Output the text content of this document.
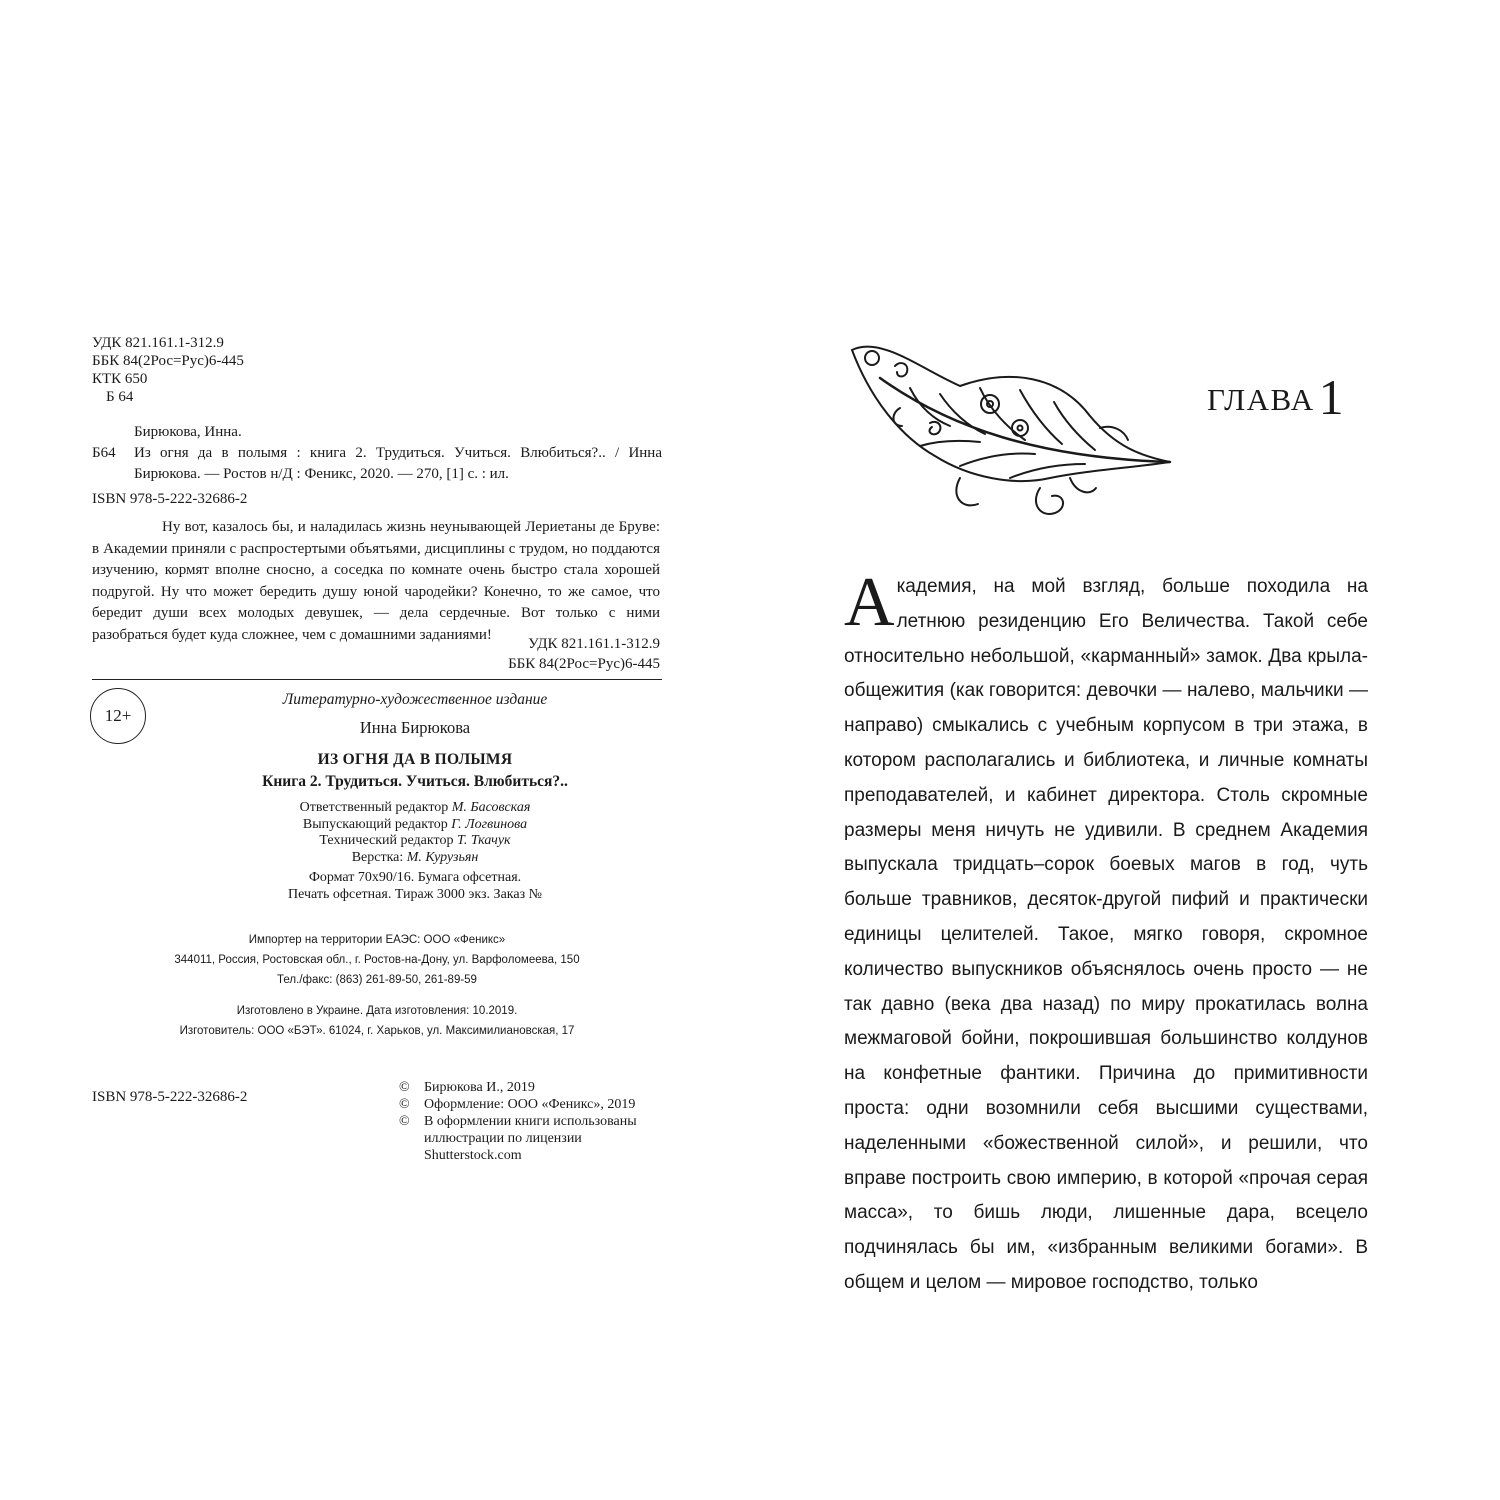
УДК 821.161.1-312.9
ББК 84(2Рос=Рус)6-445
КТК 650
Б 64
Бирюкова, Инна.
Б64	Из огня да в полымя : книга 2. Трудиться. Учиться. Влюбиться?.. / Инна Бирюкова. — Ростов н/Д : Феникс, 2020. — 270, [1] с. : ил.
ISBN 978-5-222-32686-2
Ну вот, казалось бы, и наладилась жизнь неунывающей Лериетаны де Брувe: в Академии приняли с распростертыми объятьями, дисциплины с трудом, но поддаются изучению, кормят вполне сносно, а соседка по комнате очень быстро стала хорошей подругой. Ну что может бередить душу юной чародейки? Конечно, то же самое, что бередит души всех молодых девушек, — дела сердечные. Вот только с ними разобраться будет куда сложнее, чем с домашними заданиями!
УДК 821.161.1-312.9
ББК 84(2Рос=Рус)6-445
12+
Литературно-художественное издание
Инна Бирюкова
ИЗ ОГНЯ ДА В ПОЛЫМЯ
Книга 2. Трудиться. Учиться. Влюбиться?..
Ответственный редактор М. Басовская
Выпускающий редактор Г. Логвинова
Технический редактор Т. Ткачук
Верстка: М. Курузьян
Формат 70x90/16. Бумага офсетная.
Печать офсетная. Тираж 3000 экз. Заказ №
Импортер на территории ЕАЭС: ООО «Феникс»
344011, Россия, Ростовская обл., г. Ростов-на-Дону, ул. Варфоломеева, 150
Тел./факс: (863) 261-89-50, 261-89-59
Изготовлено в Украине. Дата изготовления: 10.2019.
Изготовитель: ООО «БЭТ». 61024, г. Харьков, ул. Максимилиановская, 17
ISBN 978-5-222-32686-2
©	Бирюкова И., 2019
©	Оформление: ООО «Феникс», 2019
©	В оформлении книги использованы иллюстрации по лицензии Shutterstock.com
ГЛАВА1
Академия, на мой взгляд, больше походила на летнюю резиденцию Его Величества. Такой себе относительно небольшой, «карманный» замок. Два крыла-общежития (как говорится: девочки — налево, мальчики — направо) смыкались с учебным корпусом в три этажа, в котором располагались и библиотека, и личные комнаты преподавателей, и кабинет директора. Столь скромные размеры меня ничуть не удивили. В среднем Академия выпускала тридцать–сорок боевых магов в год, чуть больше травников, десяток-другой пифий и практически единицы целителей. Такое, мягко говоря, скромное количество выпускников объяснялось очень просто — не так давно (века два назад) по миру прокатилась волна межмаговой бойни, покрошившая большинство колдунов на конфетные фантики. Причина до примитивности проста: одни возомнили себя высшими существами, наделенными «божественной силой», и решили, что вправе построить свою империю, в которой «прочая серая масса», то бишь люди, лишенные дара, всецело подчинялась бы им, «избранным великими богами». В общем и целом — мировое господство, только
